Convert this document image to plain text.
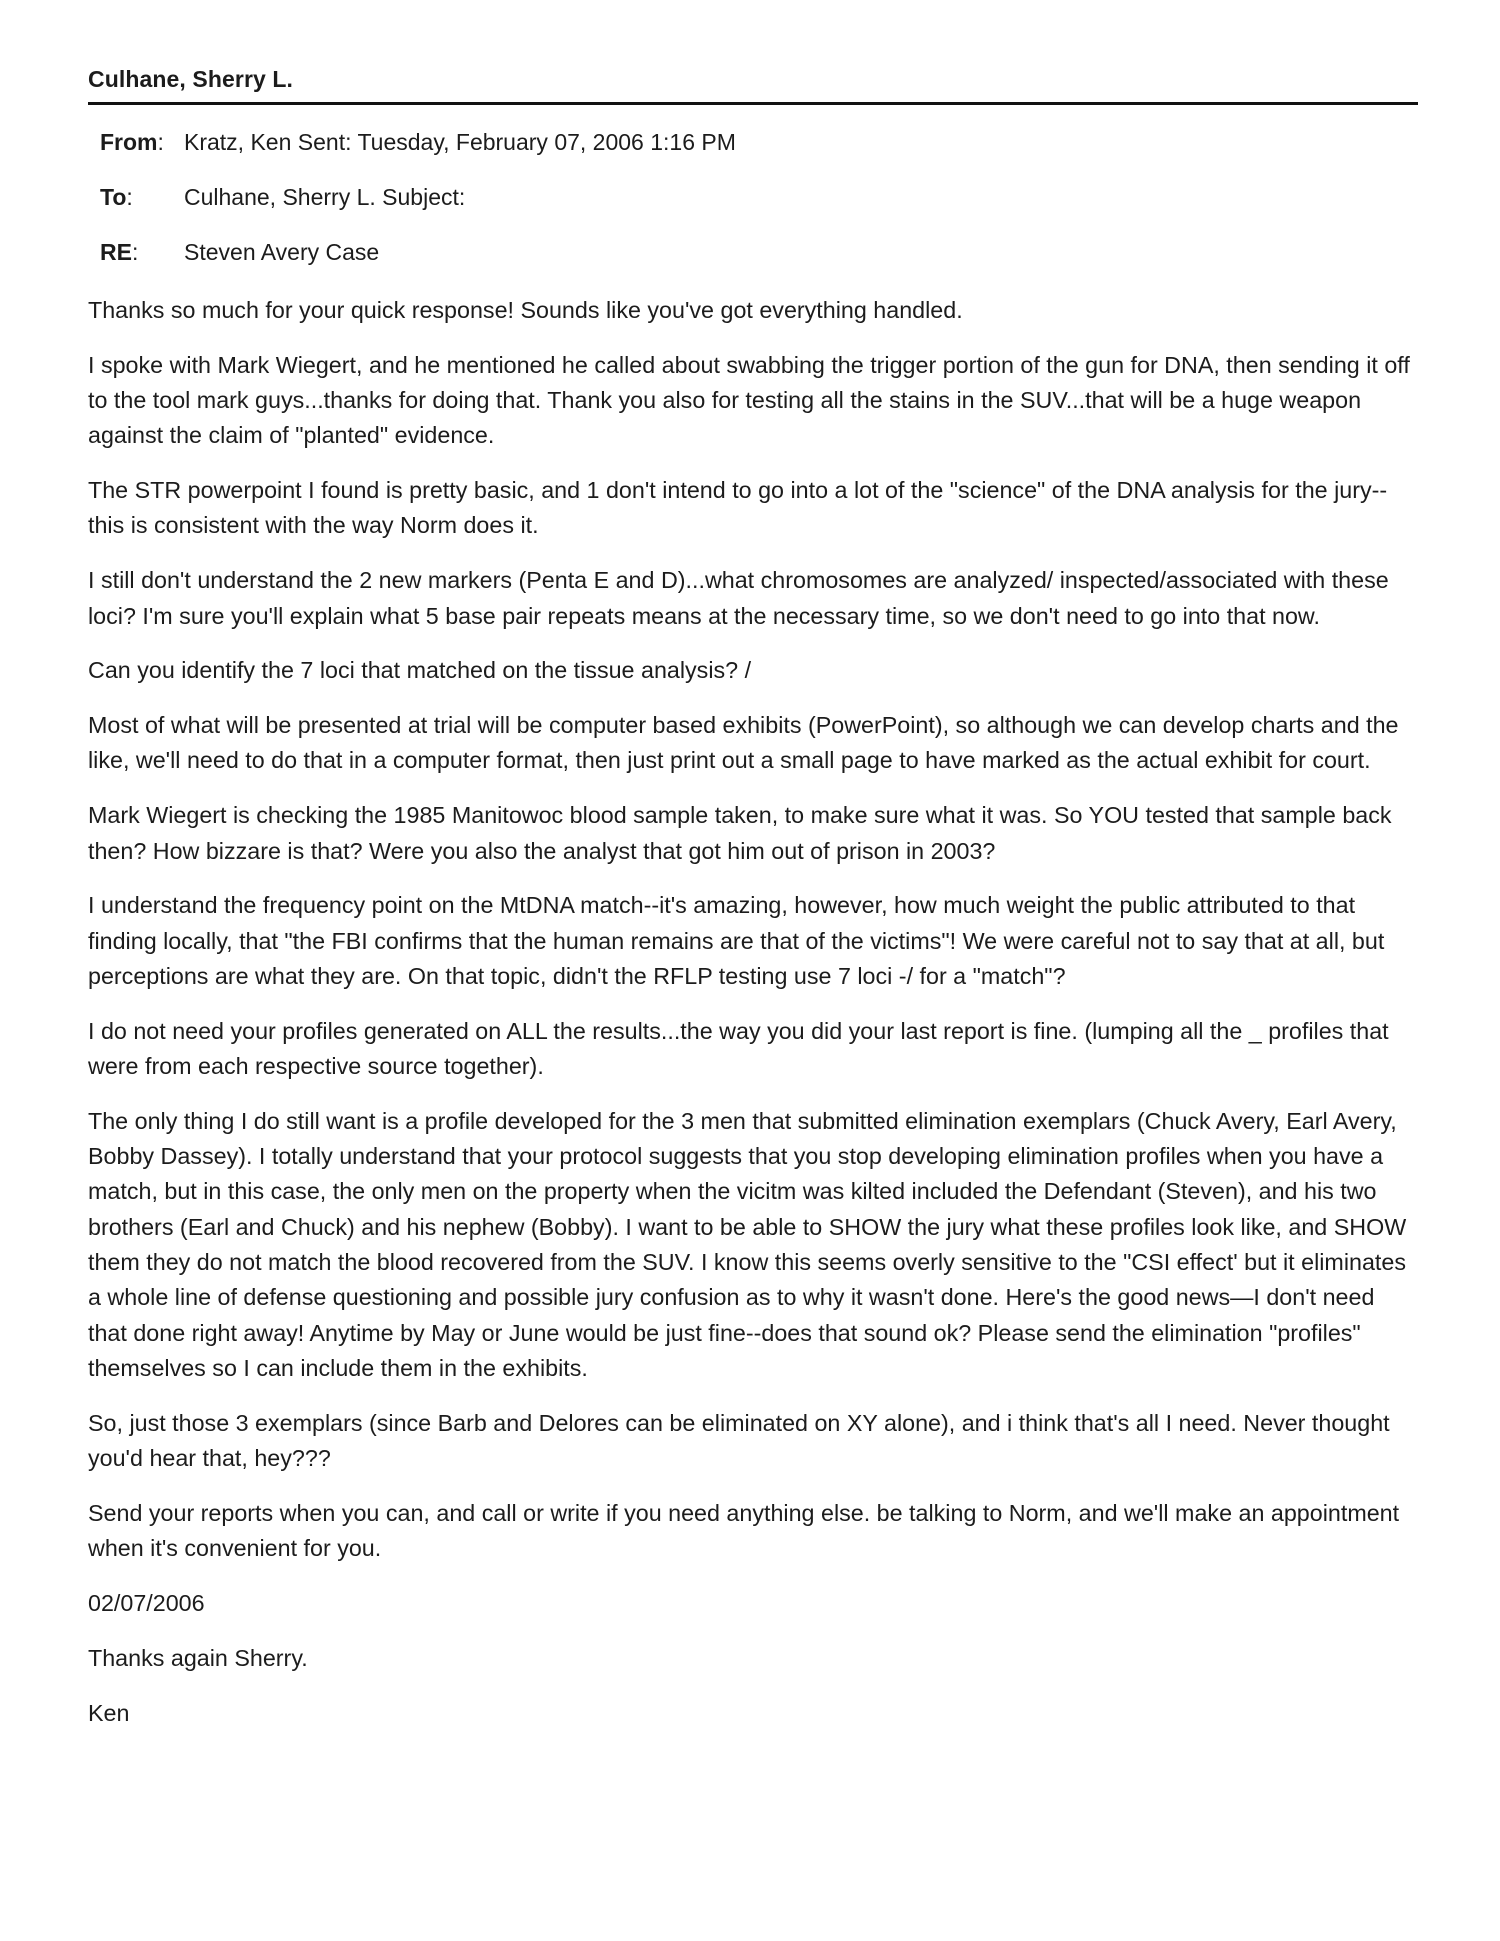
Culhane, Sherry L.
From: Kratz, Ken Sent: Tuesday, February 07, 2006 1:16 PM
To: Culhane, Sherry L. Subject:
RE: Steven Avery Case

Thanks so much for your quick response! Sounds like you've got everything handled.

I spoke with Mark Wiegert, and he mentioned he called about swabbing the trigger portion of the gun for DNA, then sending it off to the tool mark guys...thanks for doing that. Thank you also for testing all the stains in the SUV...that will be a huge weapon against the claim of "planted" evidence.

The STR powerpoint I found is pretty basic, and 1 don't intend to go into a lot of the "science" of the DNA analysis for the jury--this is consistent with the way Norm does it.

I still don't understand the 2 new markers (Penta E and D)...what chromosomes are analyzed/ inspected/associated with these loci? I'm sure you'll explain what 5 base pair repeats means at the necessary time, so we don't need to go into that now.

Can you identify the 7 loci that matched on the tissue analysis? /

Most of what will be presented at trial will be computer based exhibits (PowerPoint), so although we can develop charts and the like, we'll need to do that in a computer format, then just print out a small page to have marked as the actual exhibit for court.

Mark Wiegert is checking the 1985 Manitowoc blood sample taken, to make sure what it was. So YOU tested that sample back then? How bizzare is that? Were you also the analyst that got him out of prison in 2003?

I understand the frequency point on the MtDNA match--it's amazing, however, how much weight the public attributed to that finding locally, that "the FBI confirms that the human remains are that of the victims"! We were careful not to say that at all, but perceptions are what they are. On that topic, didn't the RFLP testing use 7 loci -/ for a "match"?

I do not need your profiles generated on ALL the results...the way you did your last report is fine. (lumping all the _ profiles that were from each respective source together).

The only thing I do still want is a profile developed for the 3 men that submitted elimination exemplars (Chuck Avery, Earl Avery, Bobby Dassey). I totally understand that your protocol suggests that you stop developing elimination profiles when you have a match, but in this case, the only men on the property when the vicitm was kilted included the Defendant (Steven), and his two brothers (Earl and Chuck) and his nephew (Bobby). I want to be able to SHOW the jury what these profiles look like, and SHOW them they do not match the blood recovered from the SUV. I know this seems overly sensitive to the "CSI effect' but it eliminates a whole line of defense questioning and possible jury confusion as to why it wasn't done. Here's the good news—I don't need that done right away! Anytime by May or June would be just fine--does that sound ok? Please send the elimination "profiles" themselves so I can include them in the exhibits.

So, just those 3 exemplars (since Barb and Delores can be eliminated on XY alone), and i think that's all I need. Never thought you'd hear that, hey???

Send your reports when you can, and call or write if you need anything else. be talking to Norm, and we'll make an appointment when it's convenient for you.

02/07/2006

Thanks again Sherry.

Ken
